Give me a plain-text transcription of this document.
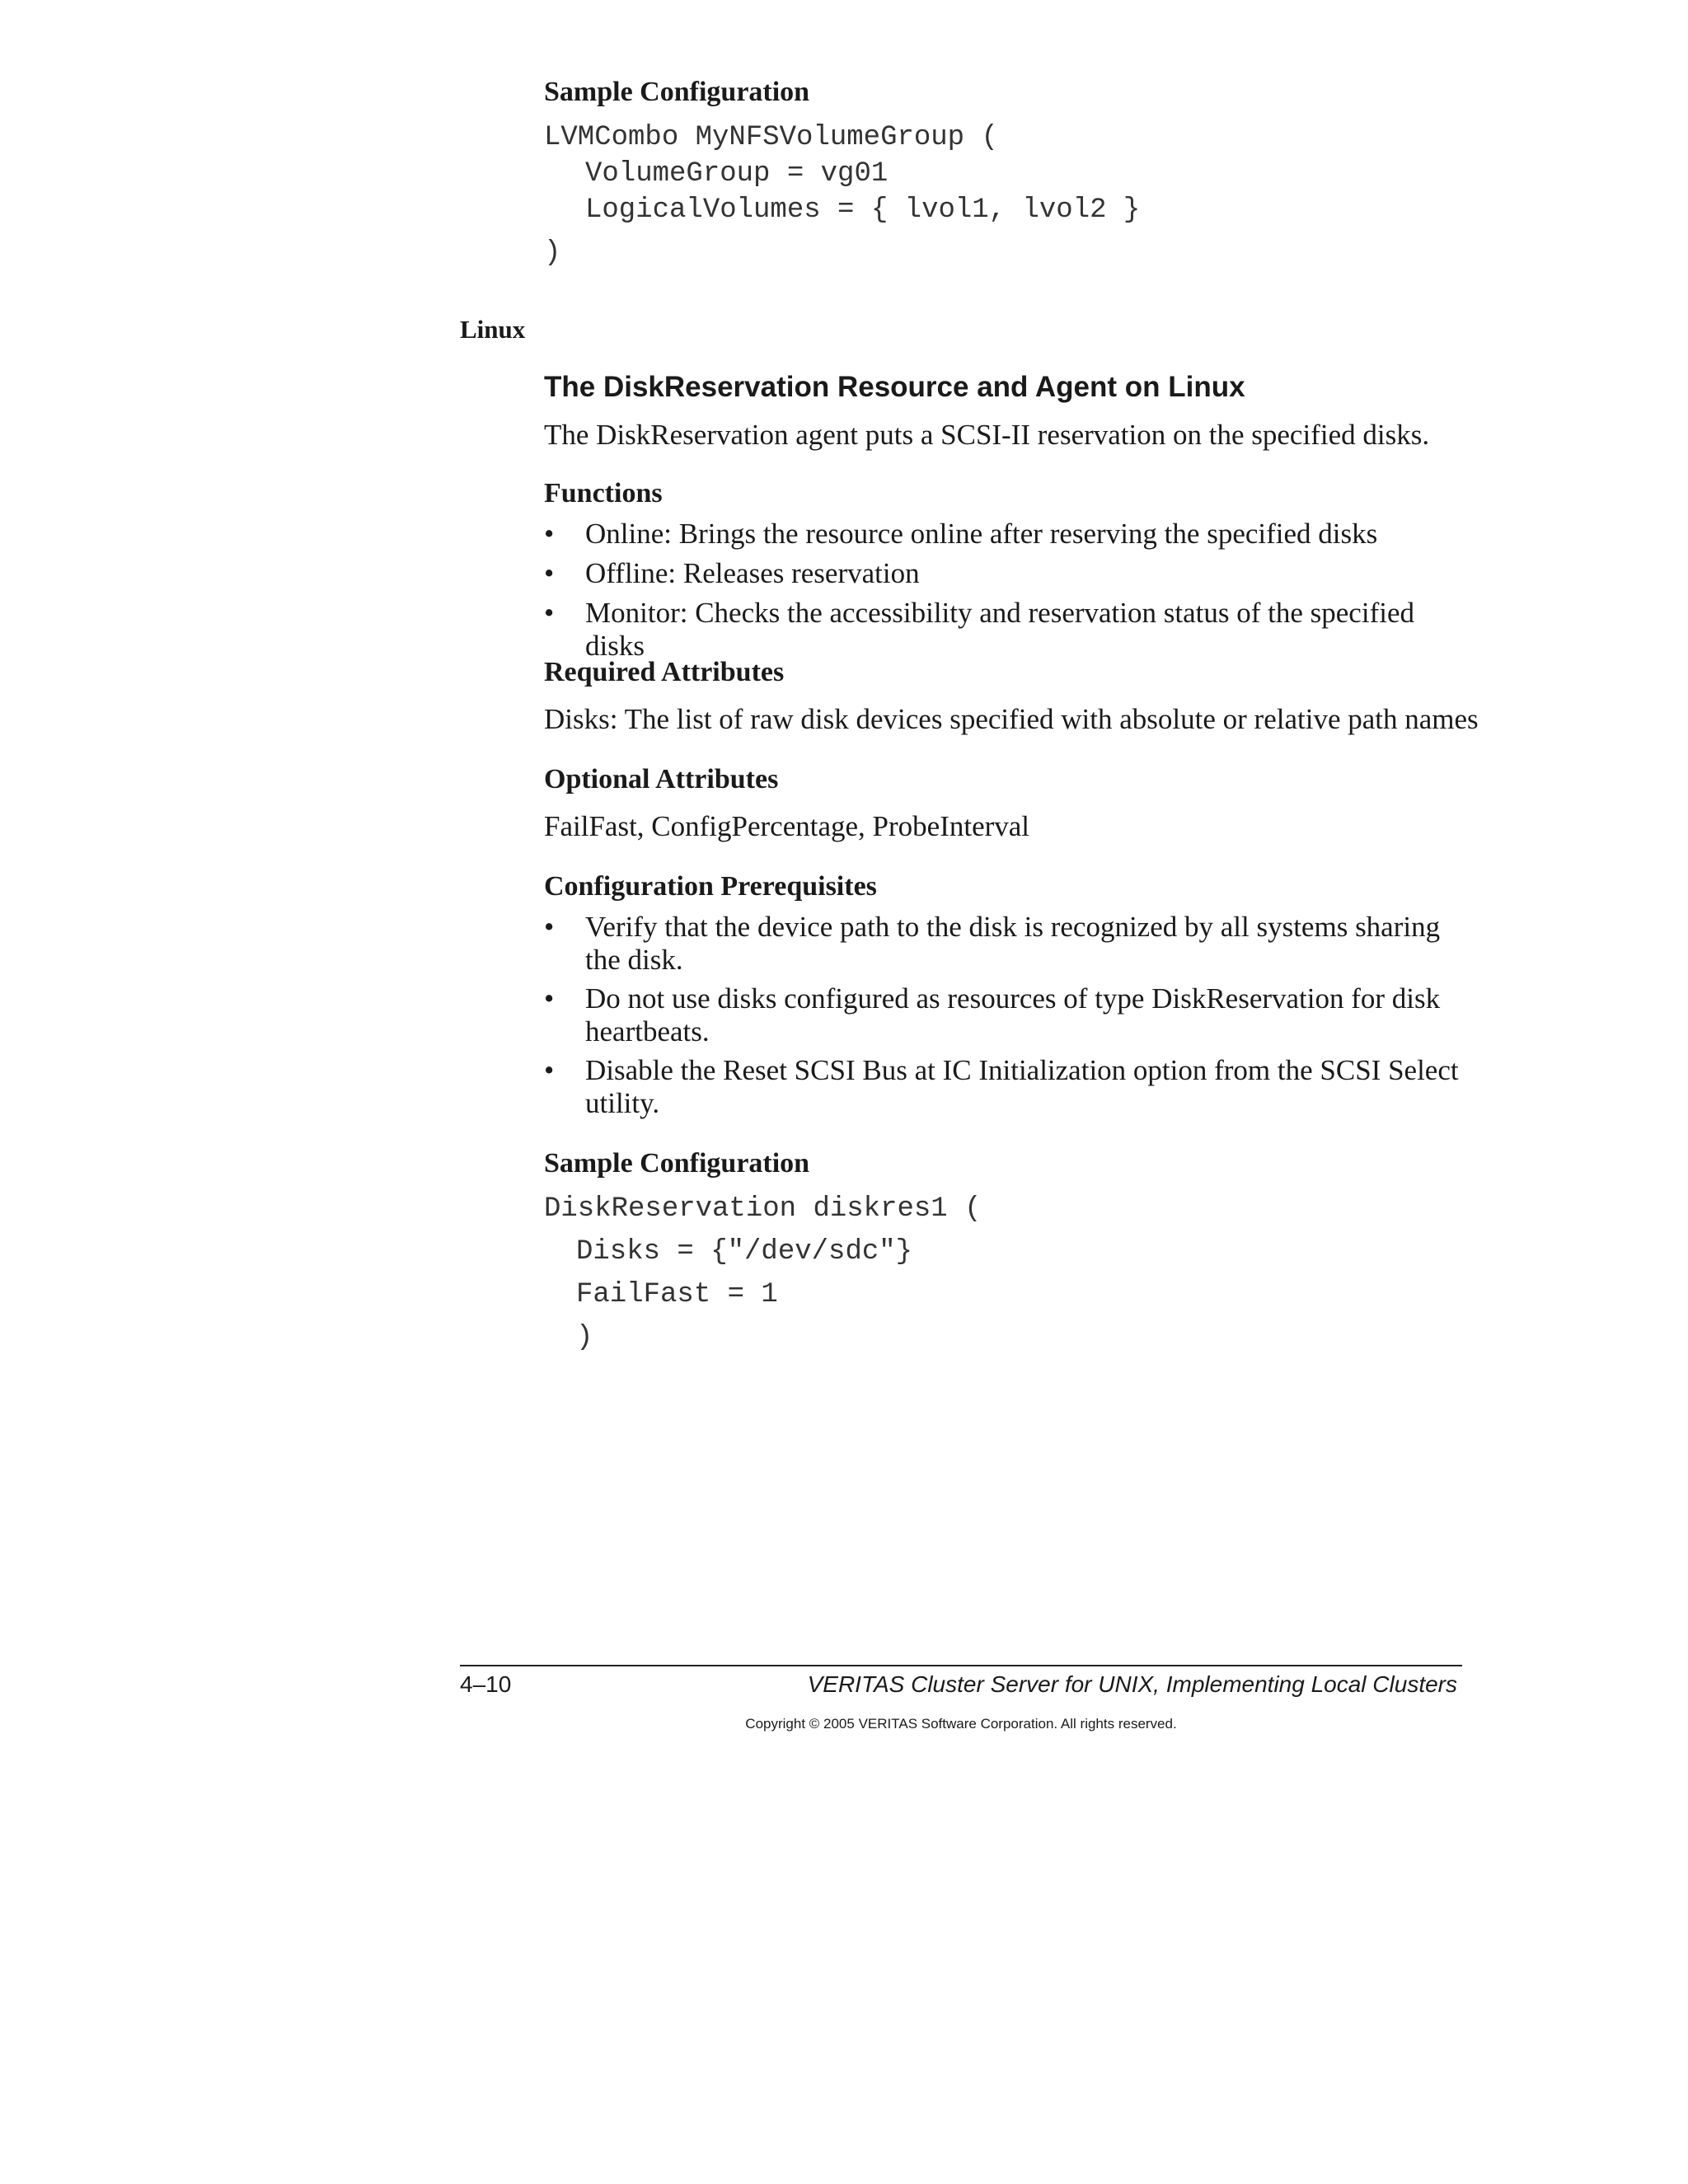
Sample Configuration
LVMCombo MyNFSVolumeGroup (
VolumeGroup = vg01
LogicalVolumes = { lvol1, lvol2 }
)
Linux
The DiskReservation Resource and Agent on Linux
The DiskReservation agent puts a SCSI-II reservation on the specified disks.
Functions
• Online: Brings the resource online after reserving the specified disks
• Offline: Releases reservation
• Monitor: Checks the accessibility and reservation status of the specified disks
Required Attributes
Disks: The list of raw disk devices specified with absolute or relative path names
Optional Attributes
FailFast, ConfigPercentage, ProbeInterval
Configuration Prerequisites
• Verify that the device path to the disk is recognized by all systems sharing the disk.
• Do not use disks configured as resources of type DiskReservation for disk heartbeats.
• Disable the Reset SCSI Bus at IC Initialization option from the SCSI Select utility.
Sample Configuration
DiskReservation diskres1 (
Disks = {"/dev/sdc"}
FailFast = 1
)
4–10	VERITAS Cluster Server for UNIX, Implementing Local Clusters
Copyright © 2005 VERITAS Software Corporation. All rights reserved.
